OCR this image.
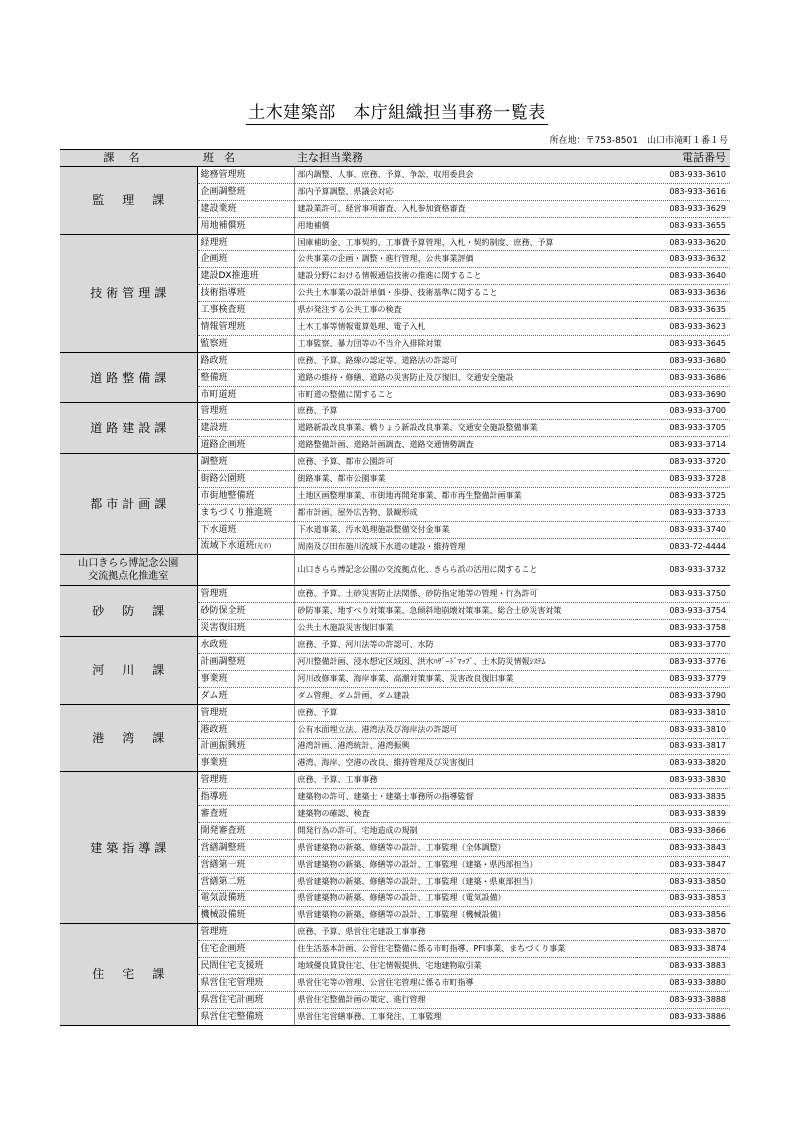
土木建築部　本庁組織担当事務一覧表
所在地：〒753-8501　山口市滝町１番１号
課名	班名	主な担当業務	電話番号
監理課	総務管理班	部内調整、人事、庶務、予算、争訟、収用委員会	083-933-3610
	企画調整班	部内予算調整、県議会対応	083-933-3616
	建設業班	建設業許可、経営事項審査、入札参加資格審査	083-933-3629
	用地補償班	用地補償	083-933-3655
技術管理課	経理班	国庫補助金、工事契約、工事費予算管理、入札・契約制度、庶務、予算	083-933-3620
	企画班	公共事業の企画・調整・進行管理、公共事業評価	083-933-3632
	建設DX推進班	建設分野における情報通信技術の推進に関すること	083-933-3640
	技術指導班	公共土木事業の設計単価・歩掛、技術基準に関すること	083-933-3636
	工事検査班	県が発注する公共工事の検査	083-933-3635
	情報管理班	土木工事等情報電算処理、電子入札	083-933-3623
	監察班	工事監察、暴力団等の不当介入排除対策	083-933-3645
道路整備課	路政班	庶務、予算、路線の認定等、道路法の許認可	083-933-3680
	整備班	道路の維持・修繕、道路の災害防止及び復旧、交通安全施設	083-933-3686
	市町道班	市町道の整備に関すること	083-933-3690
道路建設課	管理班	庶務、予算	083-933-3700
	建設班	道路新設改良事業、橋りょう新設改良事業、交通安全施設整備事業	083-933-3705
	道路企画班	道路整備計画、道路計画調査、道路交通情勢調査	083-933-3714
都市計画課	調整班	庶務、予算、都市公園許可	083-933-3720
	街路公園班	街路事業、都市公園事業	083-933-3728
	市街地整備班	土地区画整理事業、市街地再開発事業、都市再生整備計画事業	083-933-3725
	まちづくり推進班	都市計画、屋外広告物、景観形成	083-933-3733
	下水道班	下水道事業、汚水処理施設整備交付金事業	083-933-3740
	流域下水道班(光市)	周南及び田布施川流域下水道の建設・維持管理	0833-72-4444
山口きらら博記念公園
交流拠点化推進室		山口きらら博記念公園の交流拠点化、きらら浜の活用に関すること	083-933-3732
砂防課	管理班	庶務、予算、土砂災害防止法関係、砂防指定地等の管理・行為許可	083-933-3750
	砂防保全班	砂防事業、地すべり対策事業、急傾斜地崩壊対策事業、総合土砂災害対策	083-933-3754
	災害復旧班	公共土木施設災害復旧事業	083-933-3758
河川課	水政班	庶務、予算、河川法等の許認可、水防	083-933-3770
	計画調整班	河川整備計画、浸水想定区域図、洪水ﾊｻﾞｰﾄﾞﾏｯﾌﾟ、土木防災情報ｼｽﾃﾑ	083-933-3776
	事業班	河川改修事業、海岸事業、高潮対策事業、災害改良復旧事業	083-933-3779
	ダム班	ダム管理、ダム計画、ダム建設	083-933-3790
港湾課	管理班	庶務、予算	083-933-3810
	港政班	公有水面埋立法、港湾法及び海岸法の許認可	083-933-3810
	計画振興班	港湾計画、港湾統計、港湾振興	083-933-3817
	事業班	港湾、海岸、空港の改良、維持管理及び災害復旧	083-933-3820
建築指導課	管理班	庶務、予算、工事事務	083-933-3830
	指導班	建築物の許可、建築士・建築士事務所の指導監督	083-933-3835
	審査班	建築物の確認、検査	083-933-3839
	開発審査班	開発行為の許可、宅地造成の規制	083-933-3866
	営繕調整班	県営建築物の新築、修繕等の設計、工事監理（全体調整）	083-933-3843
	営繕第一班	県営建築物の新築、修繕等の設計、工事監理（建築・県西部担当）	083-933-3847
	営繕第二班	県営建築物の新築、修繕等の設計、工事監理（建築・県東部担当）	083-933-3850
	電気設備班	県営建築物の新築、修繕等の設計、工事監理（電気設備）	083-933-3853
	機械設備班	県営建築物の新築、修繕等の設計、工事監理（機械設備）	083-933-3856
住宅課	管理班	庶務、予算、県営住宅建設工事事務	083-933-3870
	住宅企画班	住生活基本計画、公営住宅整備に係る市町指導、PFI事業、まちづくり事業	083-933-3874
	民間住宅支援班	地域優良賃貸住宅、住宅情報提供、宅地建物取引業	083-933-3883
	県営住宅管理班	県営住宅等の管理、公営住宅管理に係る市町指導	083-933-3880
	県営住宅計画班	県営住宅整備計画の策定、進行管理	083-933-3888
	県営住宅整備班	県営住宅営繕事務、工事発注、工事監理	083-933-3886
